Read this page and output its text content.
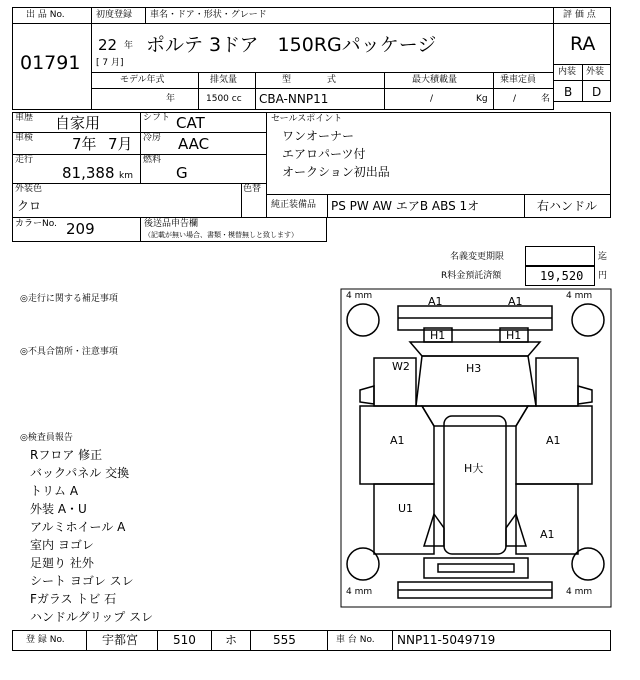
出 品 No.
01791
初度登録 車名・ドア・形状・グレード
22 年
[ 7 月]
ポルテ 3ドア　150RGパッケージ
モデル年式	排気量	型　　　　式	最大積載量	乗車定員
年	1500 cc CBA-NNP11	/	Kg	/	名
評 価 点
RA
内装 外装
B D
車歴 自家用	シフト CAT
車検	7年 7月 冷房 AAC
走行
81,388 km
燃料
G
外装色
クロ
色替
カラーNo. 209	後送品申告欄
（記載が無い場合、書類・模替無しと致します）
セールスポイント
ワンオーナー
エアロパーツ付
オークション初出品
純正装備品 PS PW AW エアB ABS 1オ	右ハンドル
名義変更期限	迄
R料金預託済額	19,520 円
◎走行に関する補足事項
◎不具合箇所・注意事項
◎検査員報告
Rフロア 修正
バックパネル 交換
トリム A
外装 A・U
アルミホイール A
室内 ヨゴレ
足廻り 社外
シート ヨゴレ スレ
Fガラス トビ 石
ハンドルグリップ スレ
4 mm	4 mm
4 mm	4 mm
A1	A1
H1	H1
H3
W2
A1	A1
H大
U1
A1
登 録 No.	宇都宮	510 ホ	555	車 台 No. NNP11-5049719
